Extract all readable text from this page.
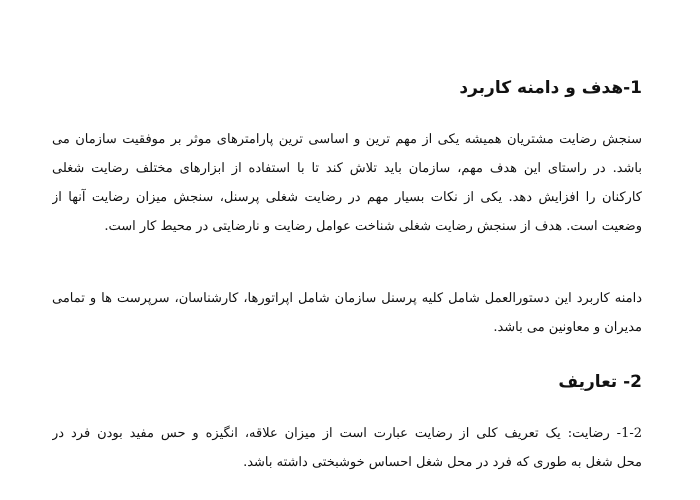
1-هدف و دامنه کاربرد
سنجش رضایت مشتریان همیشه یکی از مهم ترین و اساسی ترین پارامترهای موثر بر موفقیت سازمان می
باشد. در راستای این هدف مهم، سازمان باید تلاش کند تا با استفاده از ابزارهای مختلف رضایت شغلی
کارکنان را افزایش دهد. یکی از نکات بسیار مهم در رضایت شغلی پرسنل، سنجش میزان رضایت آنها از
وضعیت است. هدف از سنجش رضایت شغلی شناخت عوامل رضایت و نارضایتی در محیط کار است.
دامنه کاربرد این دستورالعمل شامل کلیه پرسنل سازمان شامل اپراتورها، کارشناسان، سرپرست ها و تمامی
مدیران و معاونین می باشد.
2- تعاریف
1-2- رضایت: یک تعریف کلی از رضایت عبارت است از میزان علاقه، انگیزه و حس مفید بودن فرد در
محل شغل به طوری که فرد در محل شغل احساس خوشبختی داشته باشد.
